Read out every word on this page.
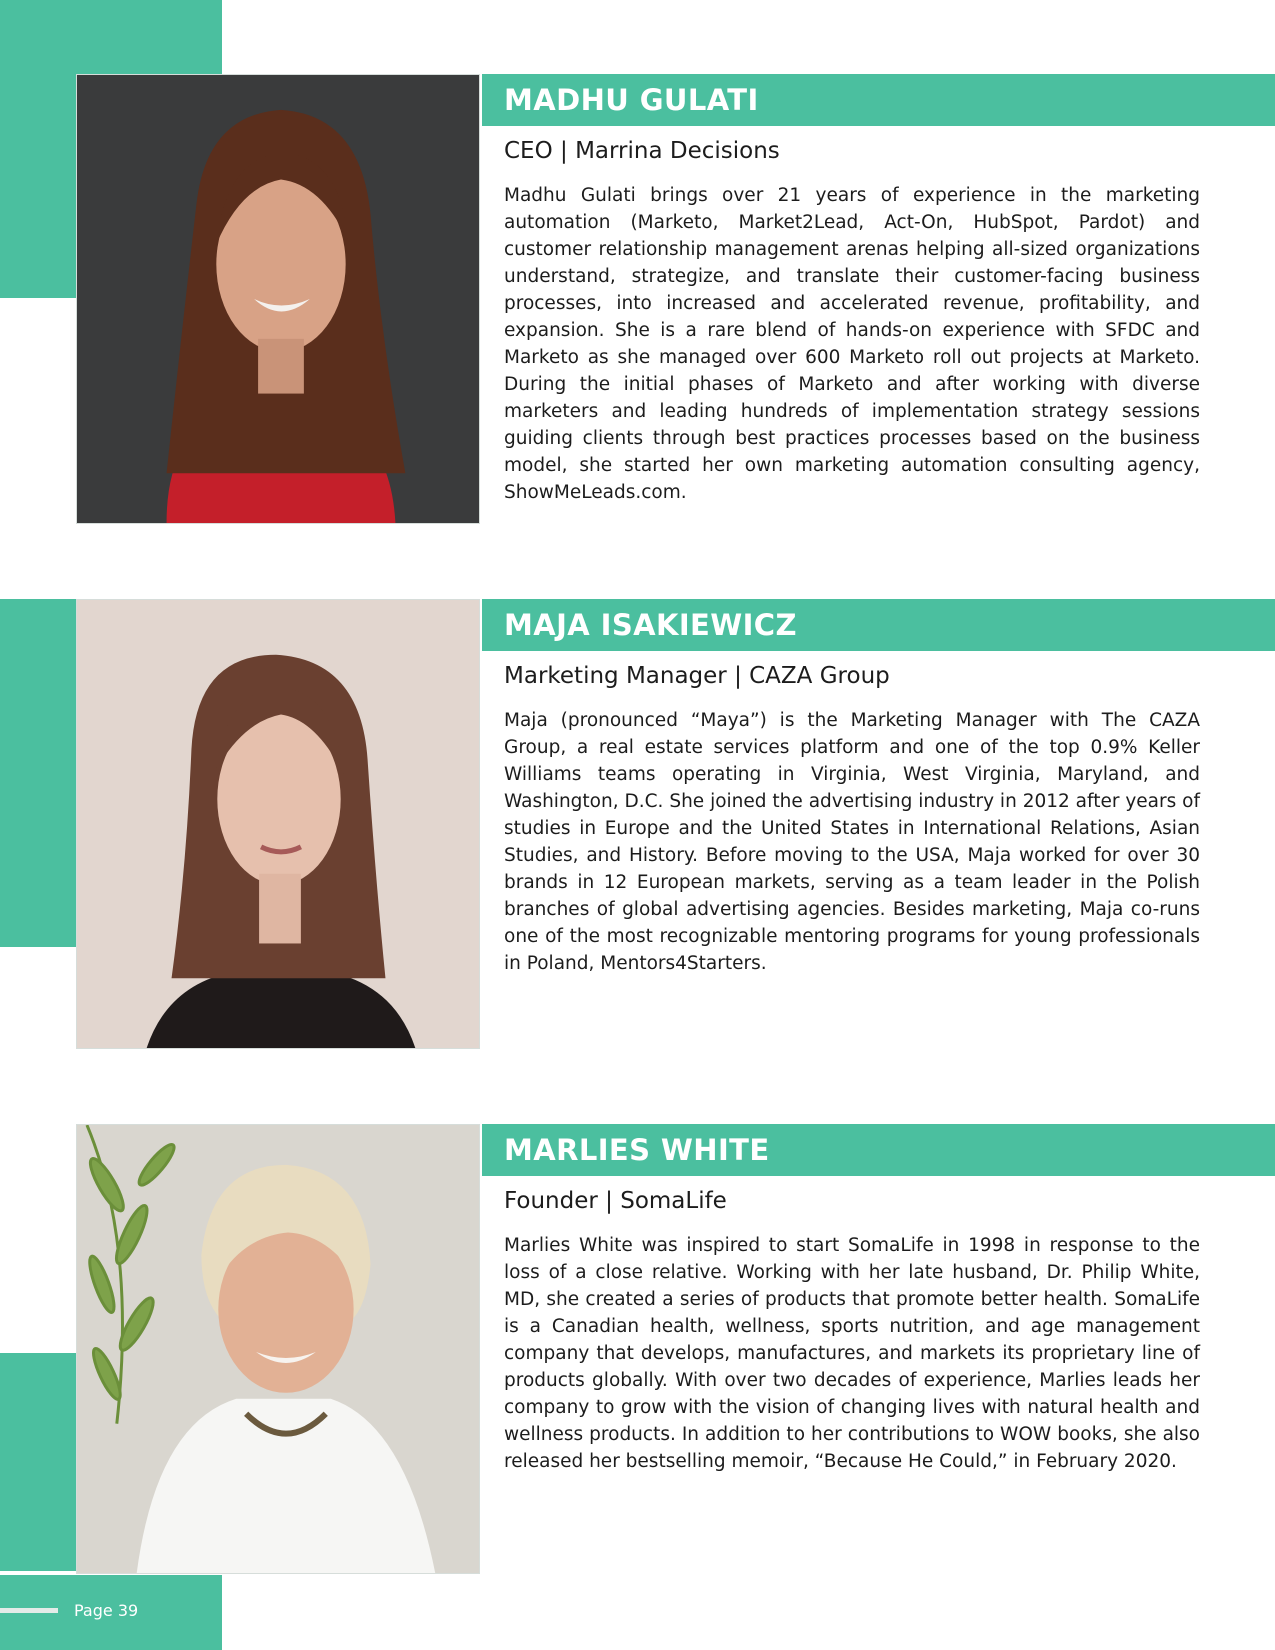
MADHU GULATI
CEO | Marrina Decisions

Madhu Gulati brings over 21 years of experience in the marketing automation (Marketo, Market2Lead, Act-On, HubSpot, Pardot) and customer relationship management arenas helping all-sized organizations understand, strategize, and translate their customer-facing business processes, into increased and accelerated revenue, profitability, and expansion. She is a rare blend of hands-on experience with SFDC and Marketo as she managed over 600 Marketo roll out projects at Marketo. During the initial phases of Marketo and after working with diverse marketers and leading hundreds of implementation strategy sessions guiding clients through best practices processes based on the business model, she started her own marketing automation consulting agency, ShowMeLeads.com.

MAJA ISAKIEWICZ
Marketing Manager | CAZA Group

Maja (pronounced “Maya”) is the Marketing Manager with The CAZA Group, a real estate services platform and one of the top 0.9% Keller Williams teams operating in Virginia, West Virginia, Maryland, and Washington, D.C. She joined the advertising industry in 2012 after years of studies in Europe and the United States in International Relations, Asian Studies, and History. Before moving to the USA, Maja worked for over 30 brands in 12 European markets, serving as a team leader in the Polish branches of global advertising agencies. Besides marketing, Maja co-runs one of the most recognizable mentoring programs for young professionals in Poland, Mentors4Starters.

MARLIES WHITE
Founder | SomaLife

Marlies White was inspired to start SomaLife in 1998 in response to the loss of a close relative. Working with her late husband, Dr. Philip White, MD, she created a series of products that promote better health. SomaLife is a Canadian health, wellness, sports nutrition, and age management company that develops, manufactures, and markets its proprietary line of products globally. With over two decades of experience, Marlies leads her company to grow with the vision of changing lives with natural health and wellness products. In addition to her contributions to WOW books, she also released her bestselling memoir, “Because He Could,” in February 2020.

Page 39
